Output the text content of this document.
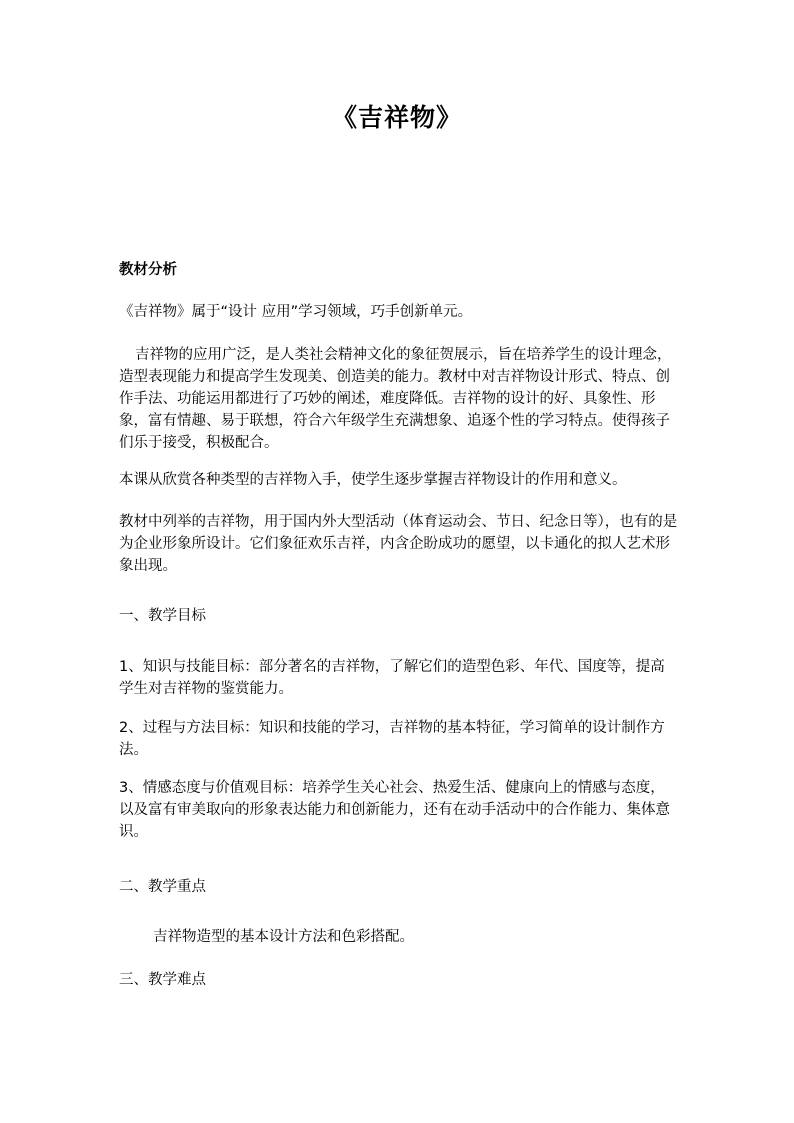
《吉祥物》

教材分析

《吉祥物》属于“设计 应用”学习领域，巧手创新单元。

吉祥物的应用广泛，是人类社会精神文化的象征贺展示，旨在培养学生的设计理念，造型表现能力和提高学生发现美、创造美的能力。教材中对吉祥物设计形式、特点、创作手法、功能运用都进行了巧妙的阐述，难度降低。吉祥物的设计的好、具象性、形象，富有情趣、易于联想，符合六年级学生充满想象、追逐个性的学习特点。使得孩子们乐于接受，积极配合。

本课从欣赏各种类型的吉祥物入手，使学生逐步掌握吉祥物设计的作用和意义。

教材中列举的吉祥物，用于国内外大型活动（体育运动会、节日、纪念日等），也有的是为企业形象所设计。它们象征欢乐吉祥，内含企盼成功的愿望，以卡通化的拟人艺术形象出现。

一、教学目标

1、知识与技能目标：部分著名的吉祥物，了解它们的造型色彩、年代、国度等，提高学生对吉祥物的鉴赏能力。

2、过程与方法目标：知识和技能的学习，吉祥物的基本特征，学习简单的设计制作方法。

3、情感态度与价值观目标：培养学生关心社会、热爱生活、健康向上的情感与态度，以及富有审美取向的形象表达能力和创新能力，还有在动手活动中的合作能力、集体意识。

二、教学重点

吉祥物造型的基本设计方法和色彩搭配。

三、教学难点
